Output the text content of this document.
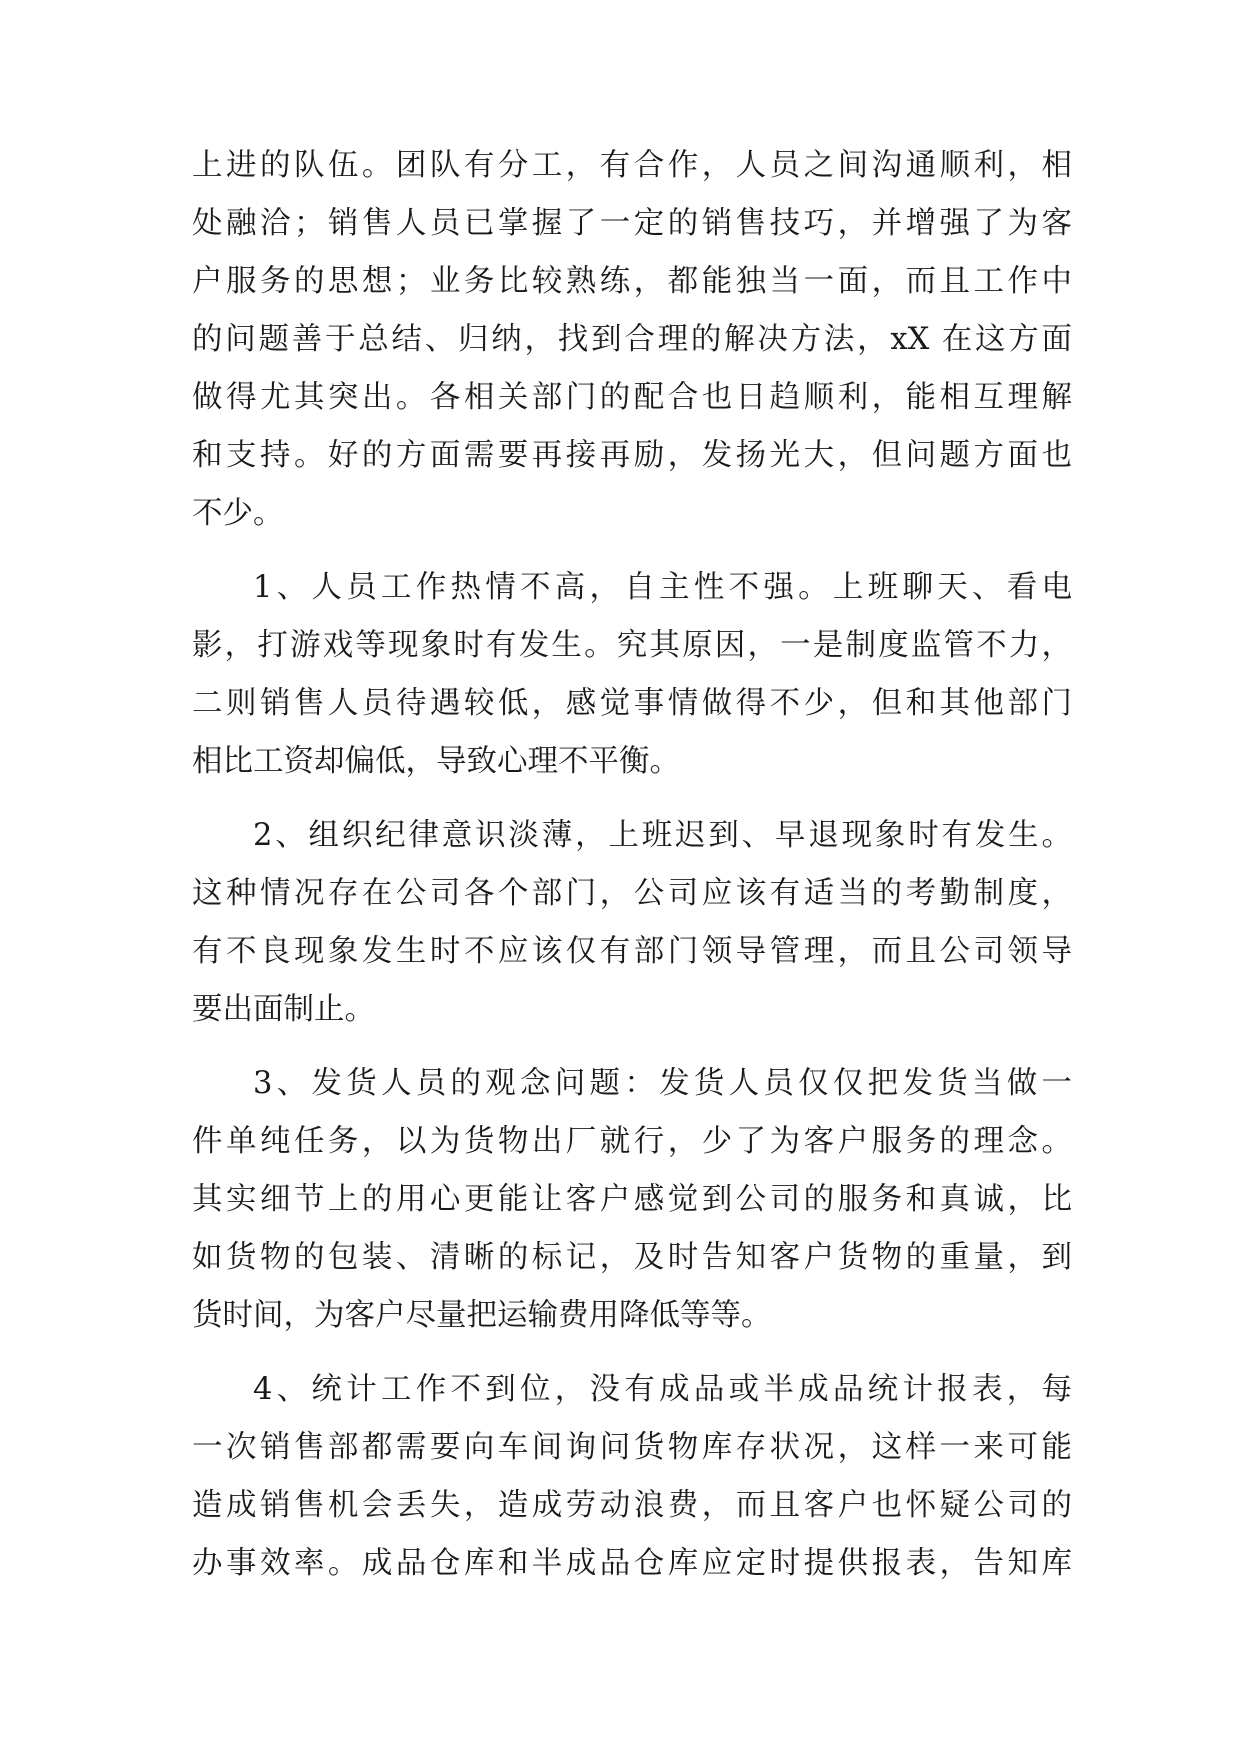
上进的队伍。团队有分工，有合作，人员之间沟通顺利，相
处融洽；销售人员已掌握了一定的销售技巧，并增强了为客
户服务的思想；业务比较熟练，都能独当一面，而且工作中
的问题善于总结、归纳，找到合理的解决方法，xX 在这方面
做得尤其突出。各相关部门的配合也日趋顺利，能相互理解
和支持。好的方面需要再接再励，发扬光大，但问题方面也
不少。
1、人员工作热情不高，自主性不强。上班聊天、看电
影，打游戏等现象时有发生。究其原因，一是制度监管不力，
二则销售人员待遇较低，感觉事情做得不少，但和其他部门
相比工资却偏低，导致心理不平衡。
2、组织纪律意识淡薄，上班迟到、早退现象时有发生。
这种情况存在公司各个部门，公司应该有适当的考勤制度，
有不良现象发生时不应该仅有部门领导管理，而且公司领导
要出面制止。
3、发货人员的观念问题：发货人员仅仅把发货当做一
件单纯任务，以为货物出厂就行，少了为客户服务的理念。
其实细节上的用心更能让客户感觉到公司的服务和真诚，比
如货物的包装、清晰的标记，及时告知客户货物的重量，到
货时间，为客户尽量把运输费用降低等等。
4、统计工作不到位，没有成品或半成品统计报表，每
一次销售部都需要向车间询问货物库存状况，这样一来可能
造成销售机会丢失，造成劳动浪费，而且客户也怀疑公司的
办事效率。成品仓库和半成品仓库应定时提供报表，告知库
